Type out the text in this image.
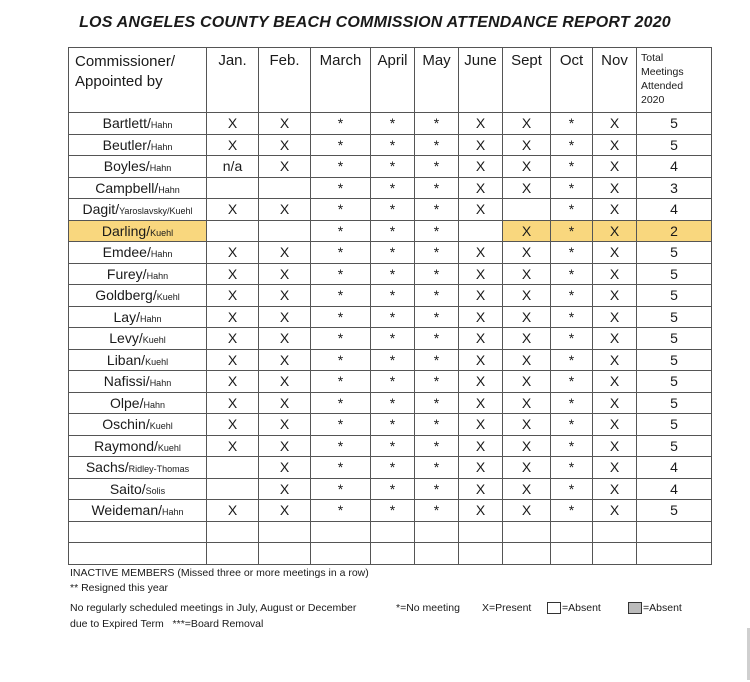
LOS ANGELES COUNTY BEACH COMMISSION ATTENDANCE REPORT 2020
Commissioner/
Appointed by	Jan.	Feb.	March	April	May	June	Sept	Oct	Nov	Total
Meetings
Attended
2020
Bartlett/Hahn	X	X	*	*	*	X	X	*	X	5
Beutler/Hahn	X	X	*	*	*	X	X	*	X	5
Boyles/Hahn	n/a	X	*	*	*	X	X	*	X	4
Campbell/Hahn			*	*	*	X	X	*	X	3
Dagit/Yaroslavsky/Kuehl	X	X	*	*	*	X		*	X	4
Darling/Kuehl			*	*	*		X	*	X	2
Emdee/Hahn	X	X	*	*	*	X	X	*	X	5
Furey/Hahn	X	X	*	*	*	X	X	*	X	5
Goldberg/Kuehl	X	X	*	*	*	X	X	*	X	5
Lay/Hahn	X	X	*	*	*	X	X	*	X	5
Levy/Kuehl	X	X	*	*	*	X	X	*	X	5
Liban/Kuehl	X	X	*	*	*	X	X	*	X	5
Nafissi/Hahn	X	X	*	*	*	X	X	*	X	5
Olpe/Hahn	X	X	*	*	*	X	X	*	X	5
Oschin/Kuehl	X	X	*	*	*	X	X	*	X	5
Raymond/Kuehl	X	X	*	*	*	X	X	*	X	5
Sachs/Ridley-Thomas		X	*	*	*	X	X	*	X	4
Saito/Solis		X	*	*	*	X	X	*	X	4
Weideman/Hahn	X	X	*	*	*	X	X	*	X	5

INACTIVE MEMBERS (Missed three or more meetings in a row)
** Resigned this year
No regularly scheduled meetings in July, August or December	*=No meeting X=Present	=Absent	=Absent
due to Expired Term ***=Board Removal
